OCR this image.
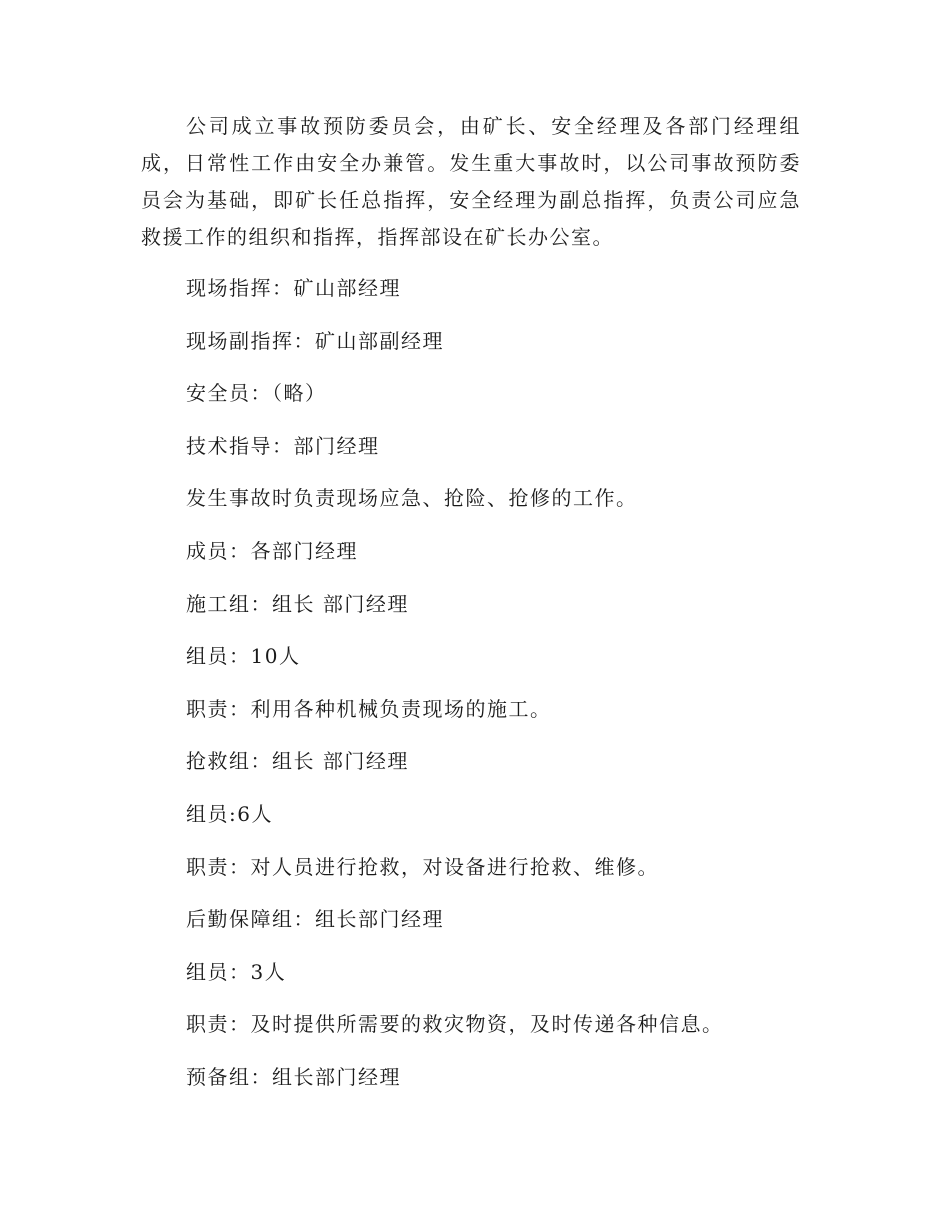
公司成立事故预防委员会，由矿长、安全经理及各部门经理组成，日常性工作由安全办兼管。发生重大事故时，以公司事故预防委员会为基础，即矿长任总指挥，安全经理为副总指挥，负责公司应急救援工作的组织和指挥，指挥部设在矿长办公室。

现场指挥：矿山部经理
现场副指挥：矿山部副经理
安全员：（略）
技术指导：部门经理
发生事故时负责现场应急、抢险、抢修的工作。
成员：各部门经理
施工组：组长 部门经理
组员：10人
职责：利用各种机械负责现场的施工。
抢救组：组长 部门经理
组员:6人
职责：对人员进行抢救，对设备进行抢救、维修。
后勤保障组：组长部门经理
组员：3人
职责：及时提供所需要的救灾物资，及时传递各种信息。
预备组：组长部门经理
